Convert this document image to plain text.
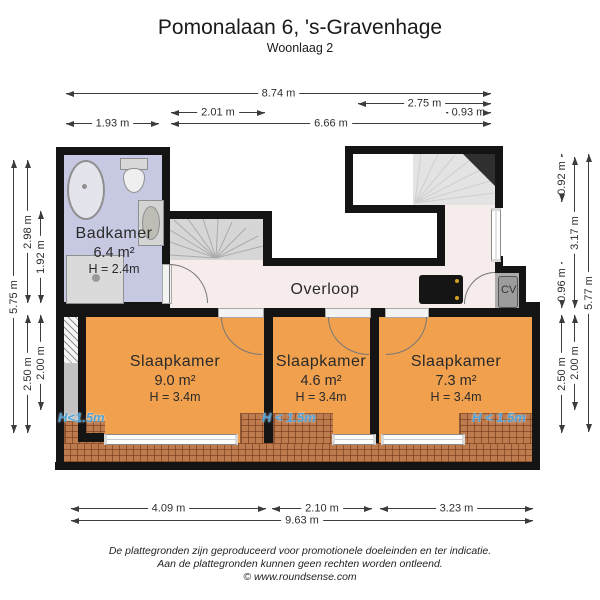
Pomonalaan 6, 's-Gravenhage
Woonlaag 2
Badkamer
6.4 m²
H = 2.4m
Overloop	CV
Slaapkamer
9.0 m²
H = 3.4m
Slaapkamer
4.6 m²
H = 3.4m
Slaapkamer
7.3 m²
H = 3.4m
H<1.5m	H < 1.5m	H < 1.5m
8.74 m
2.75 m
2.01 m	0.93 m
1.93 m	6.66 m
4.09 m	2.10 m	3.23 m
9.63 m
5.75 m
2.98 m
2.50 m
1.92 m
2.00 m
0.92 m
0.96 m
2.50 m
3.17 m
2.00 m
5.77 m
De plattegronden zijn geproduceerd voor promotionele doeleinden en ter indicatie.
Aan de plattegronden kunnen geen rechten worden ontleend.
© www.roundsense.com
